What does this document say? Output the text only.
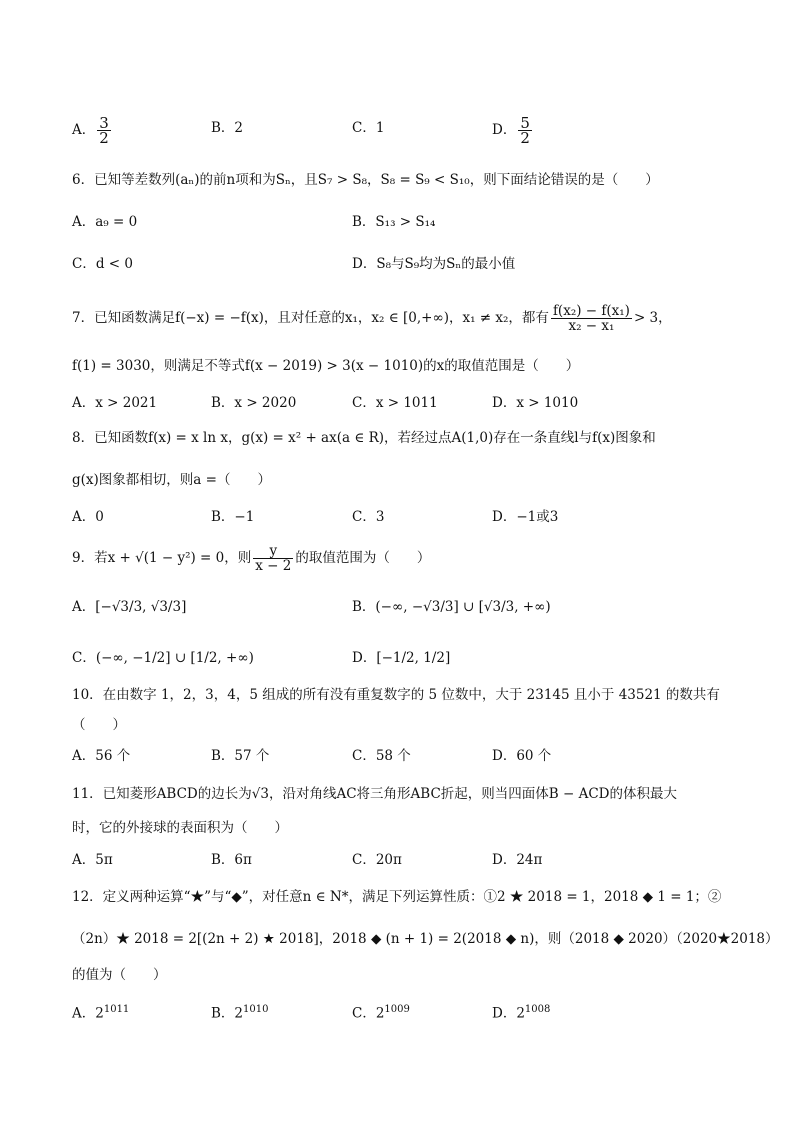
A． $\frac{3}{2}$	B．2	C．1	D． $\frac{5}{2}$
6．已知等差数列(aₙ)的前n项和为Sₙ，且S₇ > S₈，S₈ = S₉ < S₁₀，则下面结论错误的是（　　）
A．a₉ = 0	B．S₁₃ > S₁₄
C．d < 0	D．S₈与S₉均为Sₙ的最小值
7．已知函数满足f(−x) = −f(x)，且对任意的x₁，x₂ ∈ [0,+∞)，x₁ ≠ x₂，都有 $\frac{\text{f(x₂) − f(x₁)}}{\text{x₂ − x₁}} > 3$，
f(1) = 3030，则满足不等式f(x − 2019) > 3(x − 1010)的x的取值范围是（　　）
A．x > 2021	B．x > 2020	C．x > 1011	D．x > 1010
8．已知函数f(x) = x ln x，g(x) = x² + ax(a ∈ R)，若经过点A(1,0)存在一条直线l与f(x)图象和
g(x)图象都相切，则a =（　　）
A．0	B．−1	C．3	D．−1或3
9．若x + √(1 − y²) = 0，则 $\frac{y}{x - 2}$ 的取值范围为（　　）
A．[−√3/3, √3/3]	B．(−∞, −√3/3] ∪ [√3/3, +∞)
C．(−∞, −1/2] ∪ [1/2, +∞)	D．[−1/2, 1/2]
10．在由数字 1，2，3，4，5 组成的所有没有重复数字的 5 位数中，大于 23145 且小于 43521 的数共有
（　　）
A．56 个	B．57 个	C．58 个	D．60 个
11．已知菱形ABCD的边长为√3，沿对角线AC将三角形ABC折起，则当四面体B − ACD的体积最大
时，它的外接球的表面积为（　　）
A．5π	B．6π	C．20π	D．24π
12．定义两种运算“★”与“◆”，对任意n ∈ N*，满足下列运算性质：①2 ★ 2018 = 1，2018 ◆ 1 = 1；②
（2n）★ 2018 = 2[(2n + 2) ★ 2018]，2018 ◆ (n + 1) = 2(2018 ◆ n)，则（2018 ◆ 2020）（2020★2018）
的值为（　　）
A．$2^{1011}$	B．$2^{1010}$	C．$2^{1009}$	D．$2^{1008}$
